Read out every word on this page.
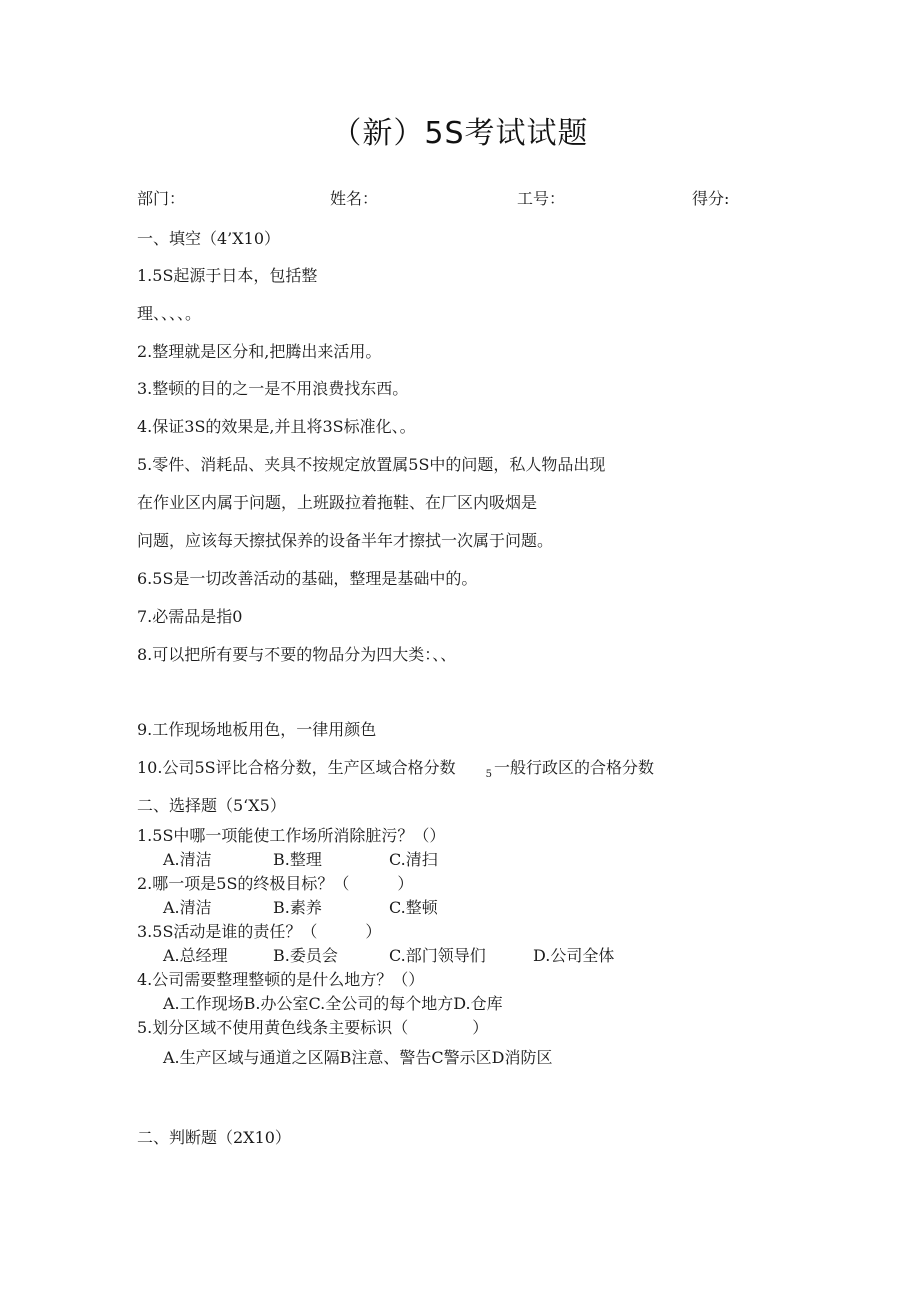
（新）5S考试试题
部门：	姓名：	工号：	得分:
一、填空（4’X10）
1.5S起源于日本，包括整
理、、、、。
2.整理就是区分和,把腾出来活用。
3.整顿的目的之一是不用浪费找东西。
4.保证3S的效果是,并且将3S标准化、。
5.零件、消耗品、夹具不按规定放置属5S中的问题，私人物品出现
在作业区内属于问题，上班趿拉着拖鞋、在厂区内吸烟是
问题，应该每天擦拭保养的设备半年才擦拭一次属于问题。
6.5S是一切改善活动的基础，整理是基础中的。
7.必需品是指0
8.可以把所有要与不要的物品分为四大类：、、
9.工作现场地板用色，一律用颜色
10.公司5S评比合格分数，生产区域合格分数	$_5$ 一般行政区的合格分数
二、选择题（5‘X5）
1.5S中哪一项能使工作场所消除脏污？（）
A.清洁	B.整理	C.清扫
2.哪一项是5S的终极目标？（　　　）
A.清洁	B.素养	C.整顿
3.5S活动是谁的责任？（　　　）
A.总经理	B.委员会	C.部门领导们	D.公司全体
4.公司需要整理整顿的是什么地方？（）
A.工作现场B.办公室C.全公司的每个地方D.仓库
5.划分区域不使用黄色线条主要标识（　　　　）
A.生产区域与通道之区隔B注意、警告C警示区D消防区
二、判断题（2X10）
